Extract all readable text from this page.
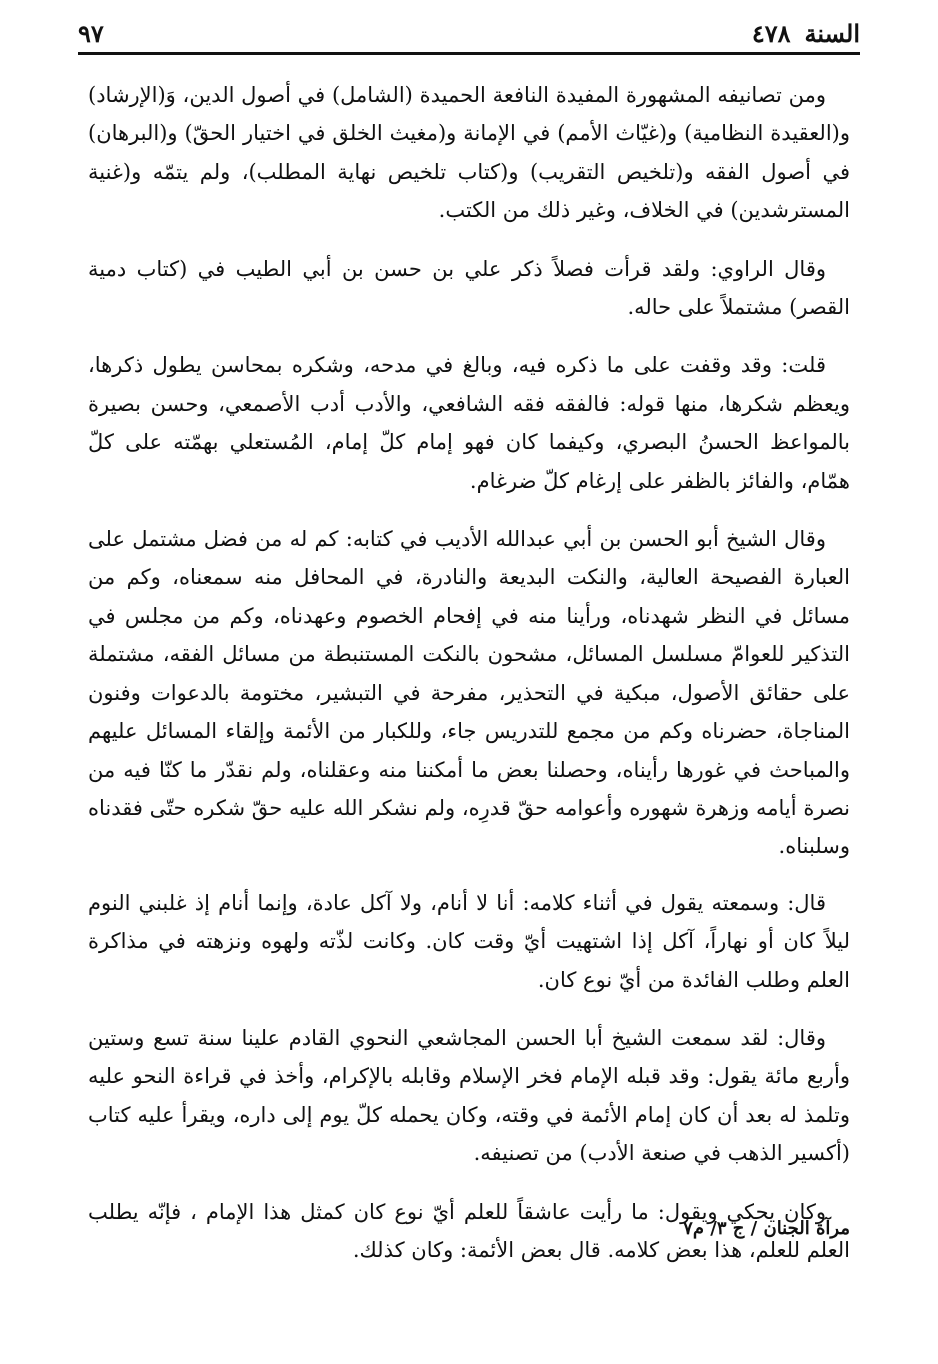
السنة
٤٧٨
٩٧

ومن تصانيفه المشهورة المفيدة النافعة الحميدة (الشامل) في أصول الدين، وَ(الإرشاد) و(العقيدة النظامية) و(غيّاث الأمم) في الإمانة و(مغيث الخلق في اختيار الحقّ) و(البرهان) في أصول الفقه و(تلخيص التقريب) و(كتاب تلخيص نهاية المطلب)، ولم يتمّه و(غنية المسترشدين) في الخلاف، وغير ذلك من الكتب.

وقال الراوي: ولقد قرأت فصلاً ذكر علي بن حسن بن أبي الطيب في (كتاب دمية القصر) مشتملاً على حاله.

قلت: وقد وقفت على ما ذكره فيه، وبالغ في مدحه، وشكره بمحاسن يطول ذكرها، ويعظم شكرها، منها قوله: فالفقه فقه الشافعي، والأدب أدب الأصمعي، وحسن بصيرة بالمواعظ الحسنُ البصري، وكيفما كان فهو إمام كلّ إمام، المُستعلي بهمّته على كلّ همّام، والفائز بالظفر على إرغام كلّ ضرغام.

وقال الشيخ أبو الحسن بن أبي عبدالله الأديب في كتابه: كم له من فضل مشتمل على العبارة الفصيحة العالية، والنكت البديعة والنادرة، في المحافل منه سمعناه، وكم من مسائل في النظر شهدناه، ورأينا منه في إفحام الخصوم وعهدناه، وكم من مجلس في التذكير للعوامّ مسلسل المسائل، مشحون بالنكت المستنبطة من مسائل الفقه، مشتملة على حقائق الأصول، مبكية في التحذير، مفرحة في التبشير، مختومة بالدعوات وفنون المناجاة، حضرناه وكم من مجمع للتدريس جاء، وللكبار من الأئمة وإلقاء المسائل عليهم والمباحث في غورها رأيناه، وحصلنا بعض ما أمكننا منه وعقلناه، ولم نقدّر ما كنّا فيه من نصرة أيامه وزهرة شهوره وأعوامه حقّ قدرِه، ولم نشكر الله عليه حقّ شكره حتّى فقدناه وسلبناه.

قال: وسمعته يقول في أثناء كلامه: أنا لا أنام، ولا آكل عادة، وإنما أنام إذ غلبني النوم ليلاً كان أو نهاراً، آكل إذا اشتهيت أيّ وقت كان. وكانت لذّته ولهوه ونزهته في مذاكرة العلم وطلب الفائدة من أيّ نوع كان.

وقال: لقد سمعت الشيخ أبا الحسن المجاشعي النحوي القادم علينا سنة تسع وستين وأربع مائة يقول: وقد قبله الإمام فخر الإسلام وقابله بالإكرام، وأخذ في قراءة النحو عليه وتلمذ له بعد أن كان إمام الأئمة في وقته، وكان يحمله كلّ يوم إلى داره، ويقرأ عليه كتاب (أكسير الذهب في صنعة الأدب) من تصنيفه.

وكان يحكي ويقول: ما رأيت عاشقاً للعلم أيّ نوع كان كمثل هذا الإمام ، فإنّه يطلب العلم للعلم، هذا بعض كلامه. قال بعض الأئمة: وكان كذلك.

مرآة الجنان / ج ٣/ م٧
